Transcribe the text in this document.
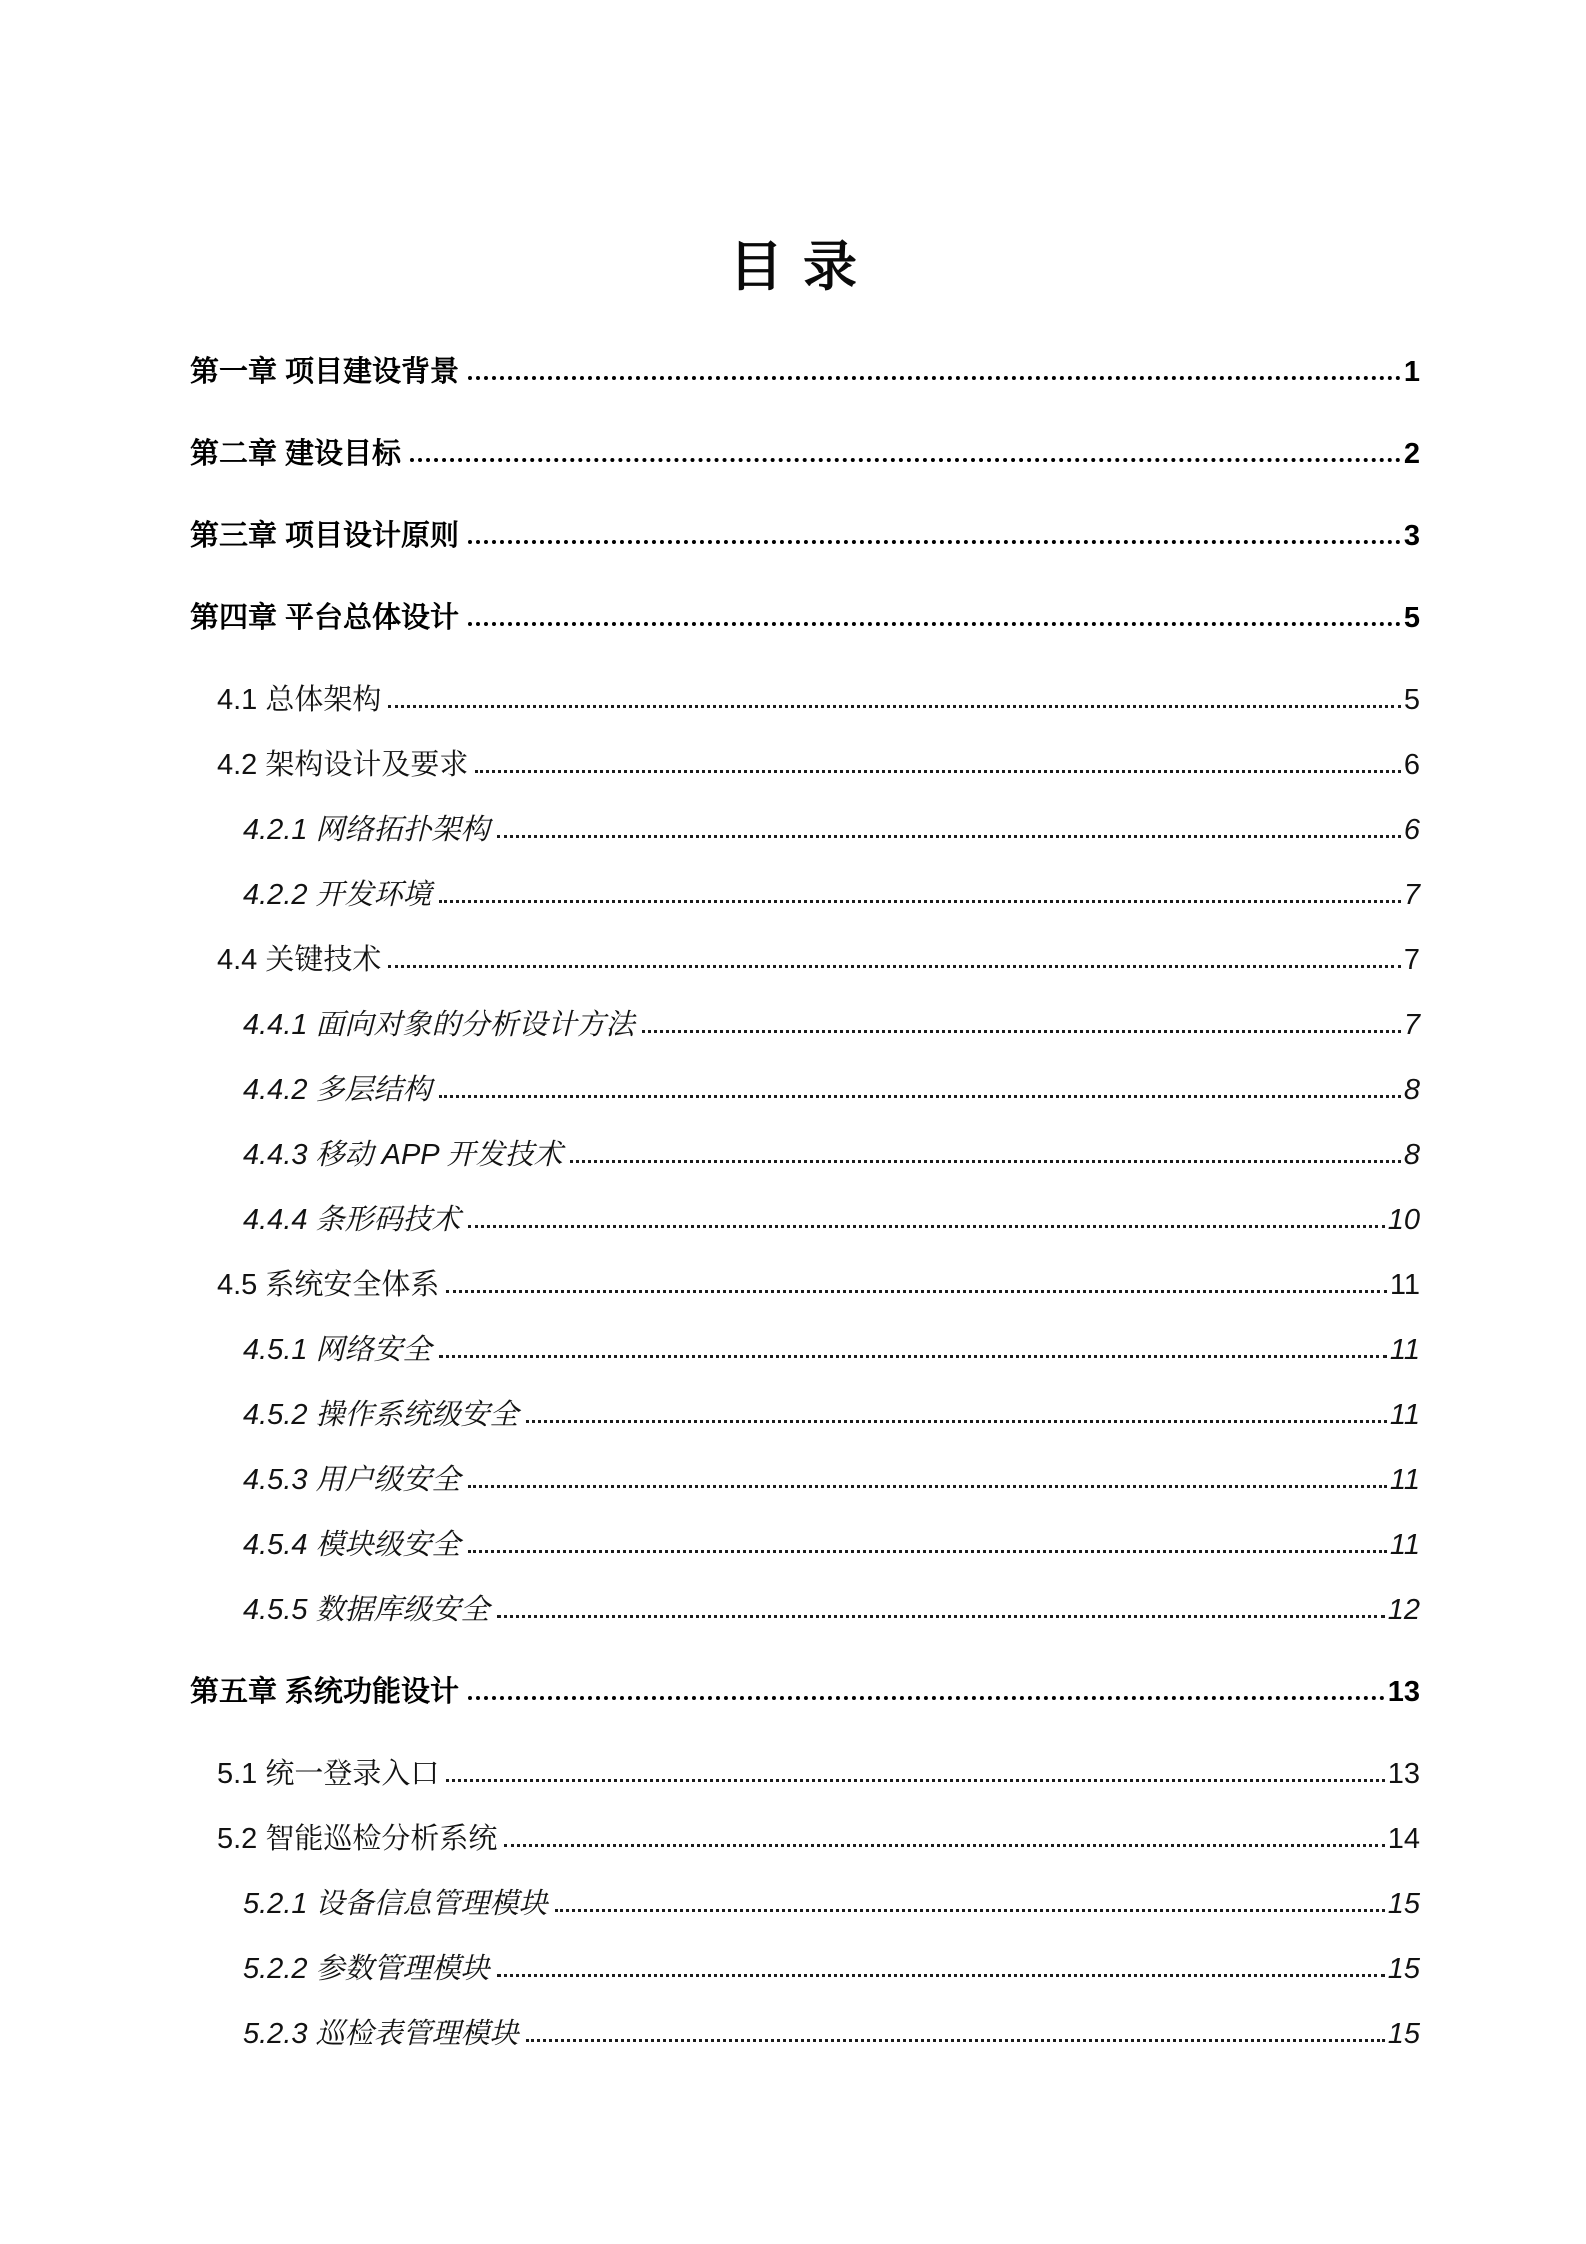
目录
第一章 项目建设背景	1
第二章 建设目标	2
第三章 项目设计原则	3
第四章 平台总体设计	5
4.1 总体架构	5
4.2 架构设计及要求	6
4.2.1 网络拓扑架构	6
4.2.2 开发环境	7
4.4 关键技术	7
4.4.1 面向对象的分析设计方法	7
4.4.2 多层结构	8
4.4.3 移动 APP 开发技术	8
4.4.4 条形码技术	10
4.5 系统安全体系	11
4.5.1 网络安全	11
4.5.2 操作系统级安全	11
4.5.3 用户级安全	11
4.5.4 模块级安全	11
4.5.5 数据库级安全	12
第五章 系统功能设计	13
5.1 统一登录入口	13
5.2 智能巡检分析系统	14
5.2.1 设备信息管理模块	15
5.2.2 参数管理模块	15
5.2.3 巡检表管理模块	15
